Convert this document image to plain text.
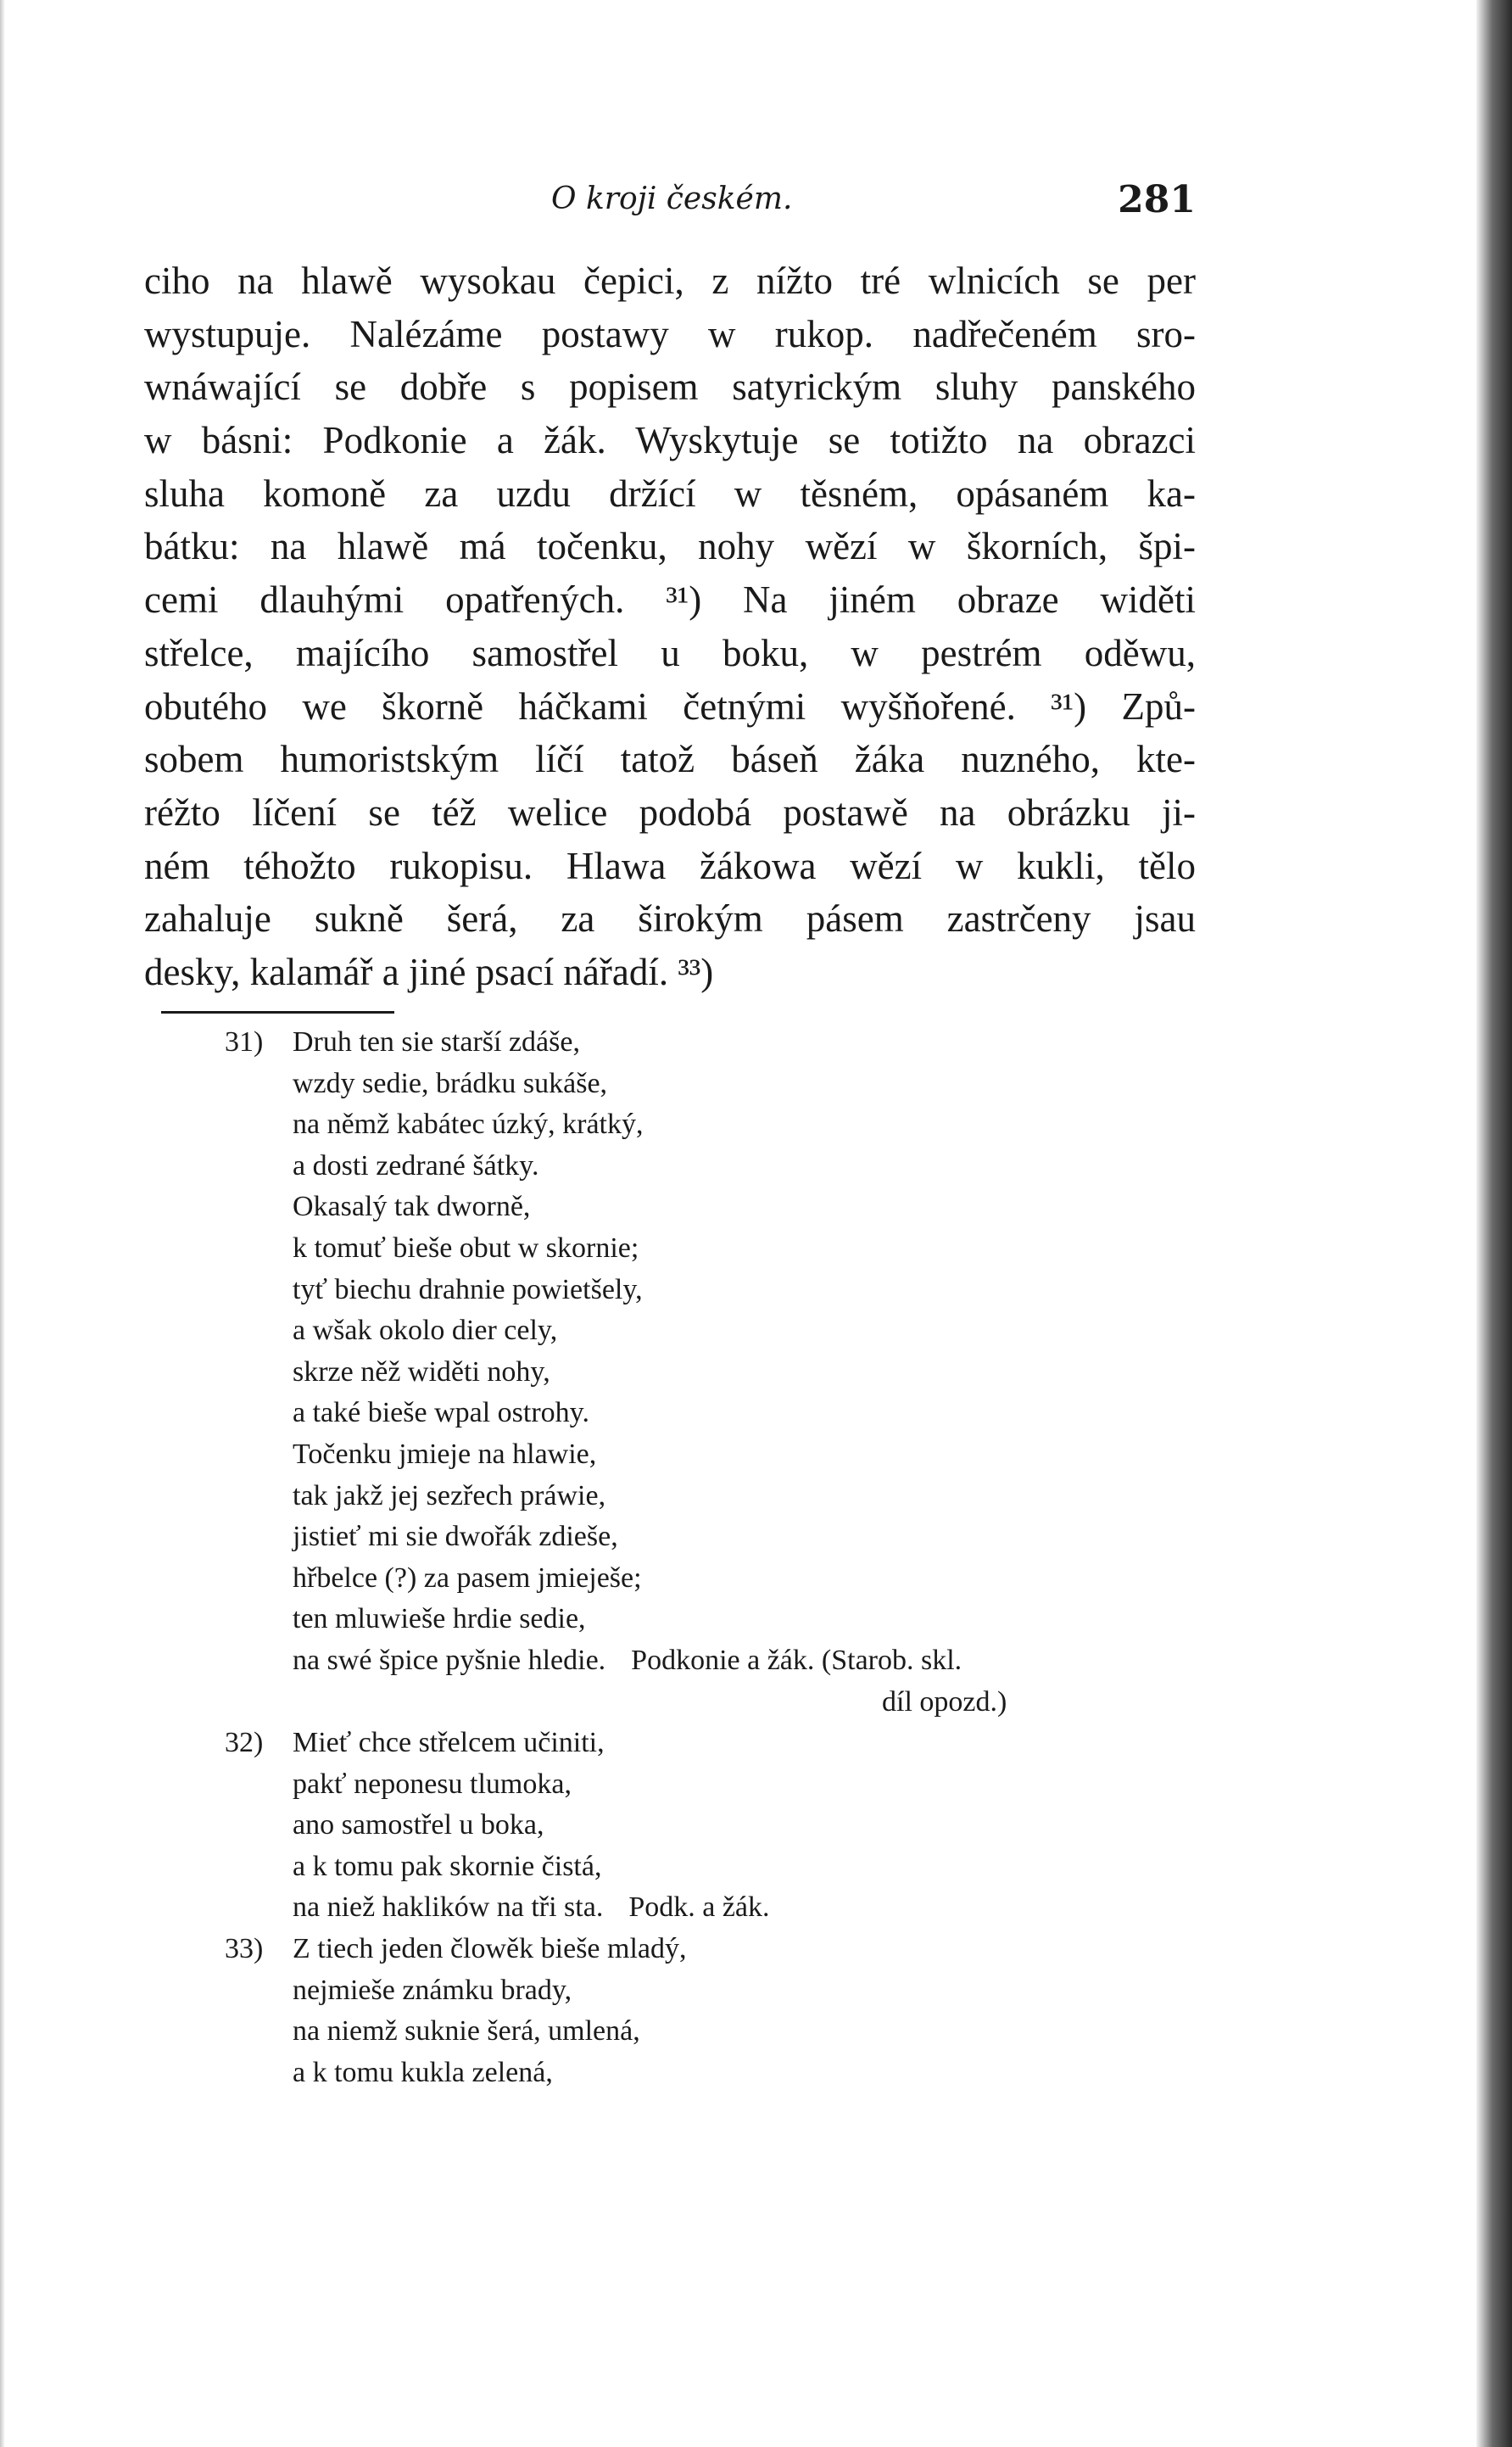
O kroji českém.	281
ciho na hlawě wysokau čepici, z nížto tré wlnicích se per
wystupuje. Nalézáme postawy w rukop. nadřečeném sro-
wnáwající se dobře s popisem satyrickým sluhy panského
w básni: Podkonie a žák. Wyskytuje se totižto na obrazci
sluha komoně za uzdu držící w těsném, opásaném ka-
bátku: na hlawě má točenku, nohy wězí w škorních, špi-
cemi dlauhými opatřených. ³¹) Na jiném obraze widěti
střelce, majícího samostřel u boku, w pestrém oděwu,
obutého we škorně háčkami četnými wyšňořené. ³¹) Způ-
sobem humoristským líčí tatož báseň žáka nuzného, kte-
réžto líčení se též welice podobá postawě na obrázku ji-
ném téhožto rukopisu. Hlawa žákowa wězí w kukli, tělo
zahaluje sukně šerá, za širokým pásem zastrčeny jsau
desky, kalamář a jiné psací nářadí. ³³)
31)	Druh ten sie starší zdáše,
wzdy sedie, brádku sukáše,
na němž kabátec úzký, krátký,
a dosti zedrané šátky.
Okasalý tak dworně,
k tomuť bieše obut w skornie;
tyť biechu drahnie powietšely,
a wšak okolo dier cely,
skrze něž widěti nohy,
a také bieše wpal ostrohy.
Točenku jmieje na hlawie,
tak jakž jej sezřech práwie,
jistieť mi sie dwořák zdieše,
hřbelce (?) za pasem jmieješe;
ten mluwieše hrdie sedie,
na swé špice pyšnie hledie. Podkonie a žák. (Starob. skl.
díl opozd.)
32)	Mieť chce střelcem učiniti,
pakť neponesu tlumoka,
ano samostřel u boka,
a k tomu pak skornie čistá,
na niež haklików na tři sta. Podk. a žák.
33)	Z tiech jeden člowěk bieše mladý,
nejmieše známku brady,
na niemž suknie šerá, umlená,
a k tomu kukla zelená,
